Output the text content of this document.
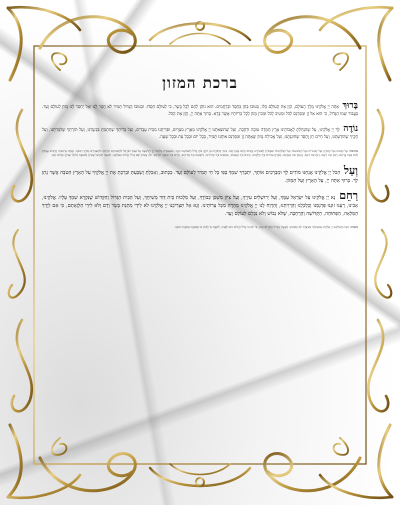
ברכת המזון

בָּרוּךְ אַתָּה יְיָ אֱלֹקֵינוּ מֶלֶךְ הָעוֹלָם, הַזָּן אֶת הָעוֹלָם כֻּלּוֹ, בְּטוּבוֹ בְּחֵן בְּחֶסֶד וּבְרַחֲמִים. הוּא נוֹתֵן לֶחֶם לְכָל בָּשָׂר, כִּי לְעוֹלָם חַסְדּוֹ. וּבְטוּבוֹ הַגָּדוֹל תָּמִיד לֹא חָסַר לָנוּ וְאַל יֶחְסַר לָנוּ מָזוֹן לְעוֹלָם וָעֶד. בַּעֲבוּר שְׁמוֹ הַגָּדוֹל, כִּי הוּא אֵל זָן וּמְפַרְנֵס לַכֹּל וּמֵטִיב לַכֹּל וּמֵכִין מָזוֹן לְכָל בְּרִיּוֹתָיו אֲשֶׁר בָּרָא. בָּרוּךְ אַתָּה יְיָ, הַזָּן אֶת הַכֹּל.

נוֹדֶה לְּךָ יְיָ אֱלֹקֵינוּ, עַל שֶׁהִנְחַלְתָּ לַאֲבוֹתֵינוּ אֶרֶץ חֶמְדָּה טוֹבָה וּרְחָבָה, וְעַל שֶׁהוֹצֵאתָנוּ יְיָ אֱלֹקֵינוּ מֵאֶרֶץ מִצְרַיִם, וּפְדִיתָנוּ מִבֵּית עֲבָדִים, וְעַל בְּרִיתְךָ שֶׁחָתַמְתָּ בִּבְשָׂרֵנוּ, וְעַל תּוֹרָתְךָ שֶׁלִּמַּדְתָּנוּ, וְעַל חֻקֶּיךָ שֶׁהוֹדַעְתָּנוּ, וְעַל חַיִּים חֵן וָחֶסֶד שֶׁחוֹנַנְתָּנוּ, וְעַל אֲכִילַת מָזוֹן שָׁאַתָּה זָן וּמְפַרְנֵס אוֹתָנוּ תָּמִיד, בְּכָל יוֹם וּבְכָל עֵת וּבְכָל שָׁעָה.

בחנוכה: עַל הַנִּסִּים וְעַל הַפֻּרְקָן וְעַל הַגְּבוּרוֹת וְעַל הַתְּשׁוּעוֹת וְעַל הַמִּלְחָמוֹת שֶׁעָשִׂיתָ לַאֲבוֹתֵינוּ בַּיָּמִים הָהֵם בַּזְּמַן הַזֶּה. בִּימֵי מַתִּתְיָהוּ בֶּן יוֹחָנָן כֹּהֵן גָּדוֹל חַשְׁמוֹנַאי וּבָנָיו, כְּשֶׁעָמְדָה מַלְכוּת יָוָן הָרְשָׁעָה עַל עַמְּךָ יִשְׂרָאֵל לְהַשְׁכִּיחָם תּוֹרָתֶךָ וּלְהַעֲבִירָם מֵחֻקֵּי רְצוֹנֶךָ, וְאַתָּה בְּרַחֲמֶיךָ הָרַבִּים עָמַדְתָּ לָהֶם בְּעֵת צָרָתָם, רַבְתָּ אֶת רִיבָם, דַּנְתָּ אֶת דִּינָם, נָקַמְתָּ אֶת נִקְמָתָם, מָסַרְתָּ גִּבּוֹרִים בְּיַד חַלָּשִׁים, וְרַבִּים בְּיַד מְעַטִּים, וּטְמֵאִים בְּיַד טְהוֹרִים, וּרְשָׁעִים בְּיַד צַדִּיקִים, וְזֵדִים בְּיַד עוֹסְקֵי תוֹרָתֶךָ. וּלְךָ עָשִׂיתָ שֵׁם גָּדוֹל וְקָדוֹשׁ בְּעוֹלָמֶךָ, וּלְעַמְּךָ יִשְׂרָאֵל עָשִׂיתָ תְּשׁוּעָה גְדוֹלָה וּפֻרְקָן כְּהַיּוֹם הַזֶּה.

וְעַל הַכֹּל יְיָ אֱלֹקֵינוּ אֲנַחְנוּ מוֹדִים לָךְ וּמְבָרְכִים אוֹתָךְ, יִתְבָּרַךְ שִׁמְךָ בְּפִי כָּל חַי תָּמִיד לְעוֹלָם וָעֶד. כַּכָּתוּב, וְאָכַלְתָּ וְשָׂבָעְתָּ וּבֵרַכְתָּ אֶת יְיָ אֱלֹקֶיךָ עַל הָאָרֶץ הַטֹּבָה אֲשֶׁר נָתַן לָךְ. בָּרוּךְ אַתָּה יְיָ, עַל הָאָרֶץ וְעַל הַמָּזוֹן.

רַחֵם נָא יְיָ אֱלֹקֵינוּ עַל יִשְׂרָאֵל עַמֶּךָ, וְעַל יְרוּשָׁלַיִם עִירֶךָ, וְעַל צִיּוֹן מִשְׁכַּן כְּבוֹדֶךָ, וְעַל מַלְכוּת בֵּית דָּוִד מְשִׁיחֶךָ, וְעַל הַבַּיִת הַגָּדוֹל וְהַקָּדוֹשׁ שֶׁנִּקְרָא שִׁמְךָ עָלָיו. אֱלֹקֵינוּ, אָבִינוּ, רְעֵנוּ זוּנֵנוּ פַּרְנְסֵנוּ וְכַלְכְּלֵנוּ וְהַרְוִיחֵנוּ, וְהַרְוַח לָנוּ יְיָ אֱלֹקֵינוּ מְהֵרָה מִכָּל צָרוֹתֵינוּ. וְנָא אַל תַּצְרִיכֵנוּ יְיָ אֱלֹקֵינוּ לֹא לִידֵי מַתְּנַת בָּשָׂר וָדָם וְלֹא לִידֵי הַלְוָאָתָם, כִּי אִם לְיָדְךָ הַמְּלֵאָה, הַפְּתוּחָה, הַקְּדוֹשָׁה וְהָרְחָבָה, שֶׁלֹּא נֵבוֹשׁ וְלֹא נִכָּלֵם לְעוֹלָם וָעֶד.

בשבת: רְצֵה וְהַחֲלִיצֵנוּ יְיָ אֱלֹקֵינוּ בְּמִצְוֹתֶיךָ וּבְמִצְוַת יוֹם הַשְּׁבִיעִי הַשַּׁבָּת הַגָּדוֹל וְהַקָּדוֹשׁ הַזֶּה, כִּי יוֹם זֶה גָּדוֹל וְקָדוֹשׁ הוּא לְפָנֶיךָ, לִשְׁבָּת בּוֹ וְלָנוּחַ בּוֹ בְּאַהֲבָה כְּמִצְוַת רְצוֹנֶךָ.
